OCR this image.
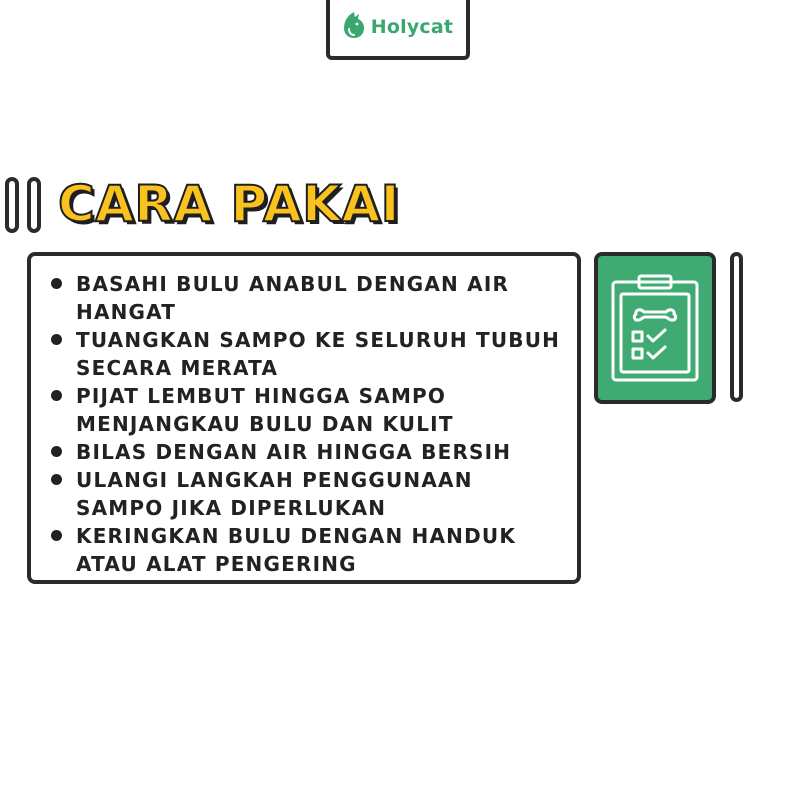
Holycat
CARA PAKAI
BASAHI BULU ANABUL DENGAN AIR HANGAT
TUANGKAN SAMPO KE SELURUH TUBUH SECARA MERATA
PIJAT LEMBUT HINGGA SAMPO MENJANGKAU BULU DAN KULIT
BILAS DENGAN AIR HINGGA BERSIH
ULANGI LANGKAH PENGGUNAAN SAMPO JIKA DIPERLUKAN
KERINGKAN BULU DENGAN HANDUK ATAU ALAT PENGERING
